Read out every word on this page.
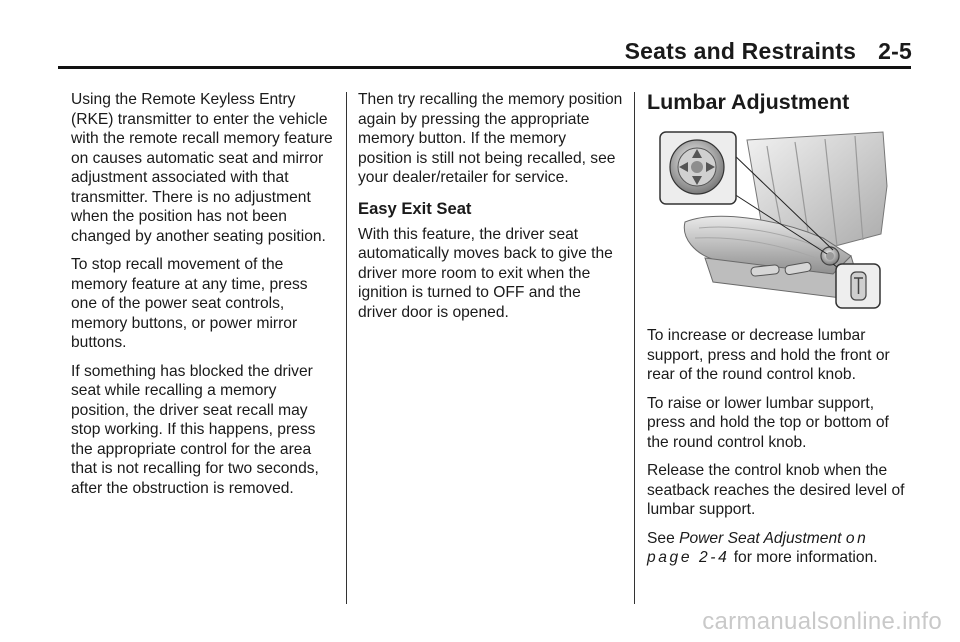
Seats and Restraints 2-5

Using the Remote Keyless Entry (RKE) transmitter to enter the vehicle with the remote recall memory feature on causes automatic seat and mirror adjustment associated with that transmitter. There is no adjustment when the position has not been changed by another seating position.

To stop recall movement of the memory feature at any time, press one of the power seat controls, memory buttons, or power mirror buttons.

If something has blocked the driver seat while recalling a memory position, the driver seat recall may stop working. If this happens, press the appropriate control for the area that is not recalling for two seconds, after the obstruction is removed.

Then try recalling the memory position again by pressing the appropriate memory button. If the memory position is still not being recalled, see your dealer/retailer for service.

Easy Exit Seat

With this feature, the driver seat automatically moves back to give the driver more room to exit when the ignition is turned to OFF and the driver door is opened.

Lumbar Adjustment

To increase or decrease lumbar support, press and hold the front or rear of the round control knob.

To raise or lower lumbar support, press and hold the top or bottom of the round control knob.

Release the control knob when the seatback reaches the desired level of lumbar support.

See Power Seat Adjustment on page 2-4 for more information.

carmanualsonline.info
